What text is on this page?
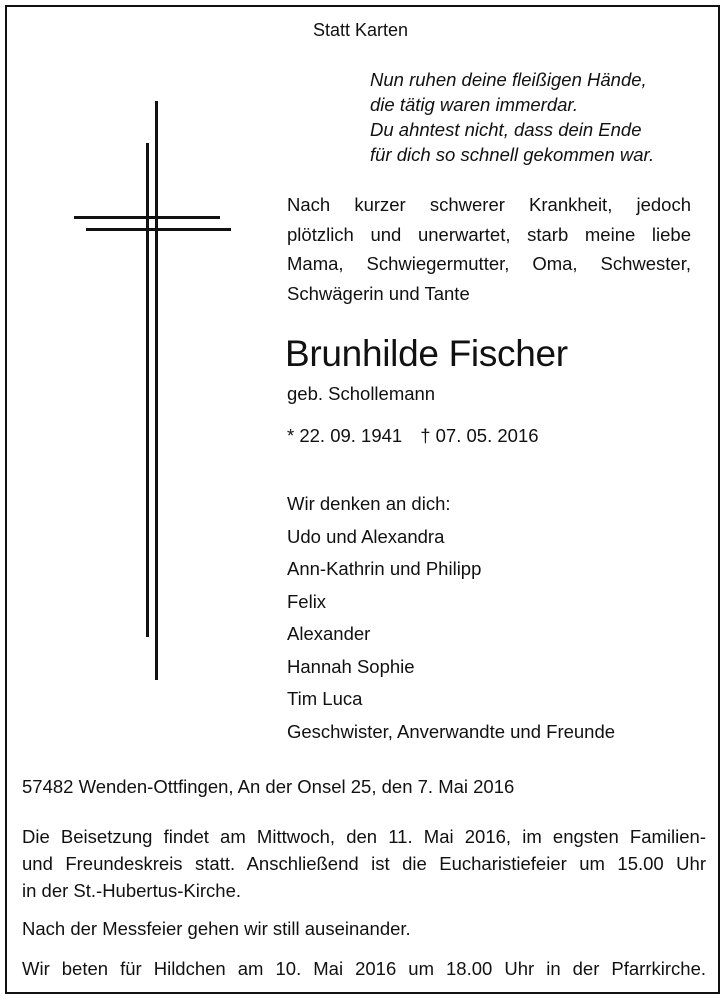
Statt Karten
Nun ruhen deine fleißigen Hände,
die tätig waren immerdar.
Du ahntest nicht, dass dein Ende
für dich so schnell gekommen war.
Nach kurzer schwerer Krankheit, jedoch
plötzlich und unerwartet, starb meine liebe
Mama, Schwiegermutter, Oma, Schwester,
Schwägerin und Tante
Brunhilde Fischer
geb. Schollemann
* 22. 09. 1941 † 07. 05. 2016
Wir denken an dich:
Udo und Alexandra
Ann-Kathrin und Philipp
Felix
Alexander
Hannah Sophie
Tim Luca
Geschwister, Anverwandte und Freunde
57482 Wenden-Ottfingen, An der Onsel 25, den 7. Mai 2016
Die Beisetzung findet am Mittwoch, den 11. Mai 2016, im engsten Familien-
und Freundeskreis statt. Anschließend ist die Eucharistiefeier um 15.00 Uhr
in der St.-Hubertus-Kirche.
Nach der Messfeier gehen wir still auseinander.
Wir beten für Hildchen am 10. Mai 2016 um 18.00 Uhr in der Pfarrkirche.
